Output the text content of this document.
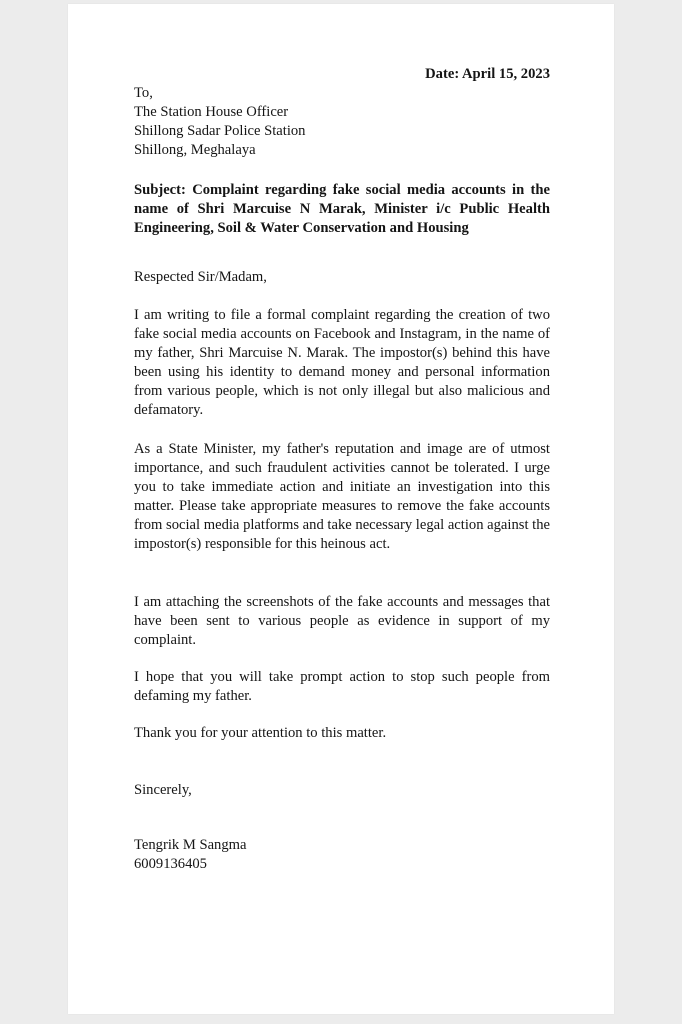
Date: April 15, 2023
To,
The Station House Officer
Shillong Sadar Police Station
Shillong, Meghalaya
Subject: Complaint regarding fake social media accounts in the name of Shri Marcuise N Marak, Minister i/c Public Health Engineering, Soil & Water Conservation and Housing
Respected Sir/Madam,

I am writing to file a formal complaint regarding the creation of two fake social media accounts on Facebook and Instagram, in the name of my father, Shri Marcuise N. Marak. The impostor(s) behind this have been using his identity to demand money and personal information from various people, which is not only illegal but also malicious and defamatory.

As a State Minister, my father's reputation and image are of utmost importance, and such fraudulent activities cannot be tolerated. I urge you to take immediate action and initiate an investigation into this matter. Please take appropriate measures to remove the fake accounts from social media platforms and take necessary legal action against the impostor(s) responsible for this heinous act.

I am attaching the screenshots of the fake accounts and messages that have been sent to various people as evidence in support of my complaint.

I hope that you will take prompt action to stop such people from defaming my father.

Thank you for your attention to this matter.

Sincerely,
Tengrik M Sangma
6009136405
